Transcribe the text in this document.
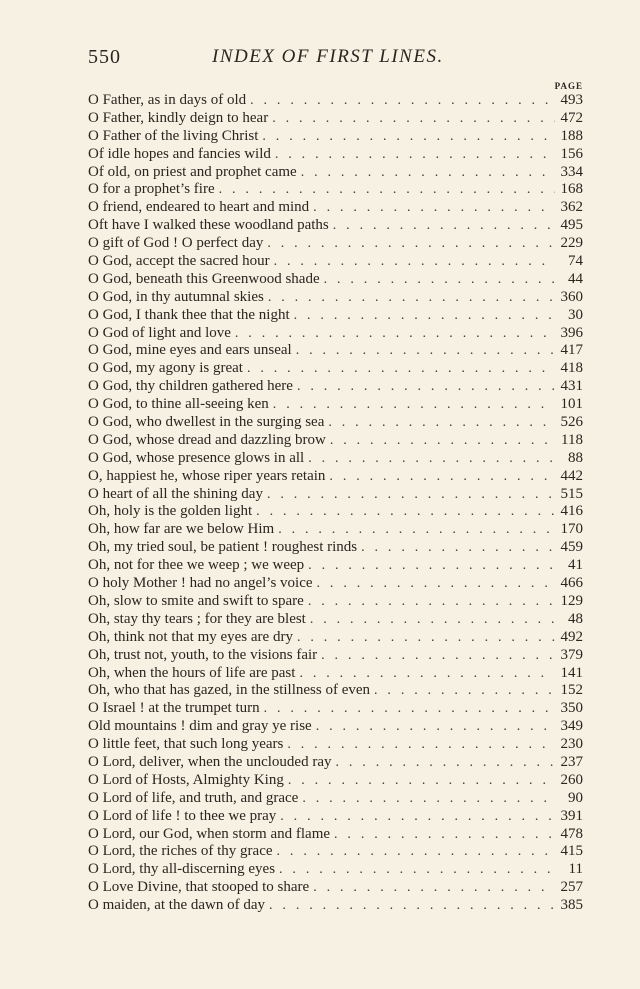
550	INDEX OF FIRST LINES.
PAGE
O Father, as in days of old . . .	493
O Father, kindly deign to hear . . .	472
O Father of the living Christ . . .	188
Of idle hopes and fancies wild . . .	156
Of old, on priest and prophet came . . .	334
O for a prophet’s fire . . .	168
O friend, endeared to heart and mind . . .	362
Oft have I walked these woodland paths . . .	495
O gift of God ! O perfect day . . .	229
O God, accept the sacred hour . . .	74
O God, beneath this Greenwood shade . . .	44
O God, in thy autumnal skies . . .	360
O God, I thank thee that the night . . .	30
O God of light and love . . .	396
O God, mine eyes and ears unseal . . .	417
O God, my agony is great . . .	418
O God, thy children gathered here . . .	431
O God, to thine all-seeing ken . . .	101
O God, who dwellest in the surging sea . . .	526
O God, whose dread and dazzling brow . . .	118
O God, whose presence glows in all . . .	88
O, happiest he, whose riper years retain . . .	442
O heart of all the shining day . . .	515
Oh, holy is the golden light . . .	416
Oh, how far are we below Him . . .	170
Oh, my tried soul, be patient ! roughest rinds . . .	459
Oh, not for thee we weep ; we weep . . .	41
O holy Mother ! had no angel’s voice . . .	466
Oh, slow to smite and swift to spare . . .	129
Oh, stay thy tears ; for they are blest . . .	48
Oh, think not that my eyes are dry . . .	492
Oh, trust not, youth, to the visions fair . . .	379
Oh, when the hours of life are past . . .	141
Oh, who that has gazed, in the stillness of even . . .	152
O Israel ! at the trumpet turn . . .	350
Old mountains ! dim and gray ye rise . . .	349
O little feet, that such long years . . .	230
O Lord, deliver, when the unclouded ray . . .	237
O Lord of Hosts, Almighty King . . .	260
O Lord of life, and truth, and grace . . .	90
O Lord of life ! to thee we pray . . .	391
O Lord, our God, when storm and flame . . .	478
O Lord, the riches of thy grace . . .	415
O Lord, thy all-discerning eyes . . .	11
O Love Divine, that stooped to share . . .	257
O maiden, at the dawn of day . . .	385
